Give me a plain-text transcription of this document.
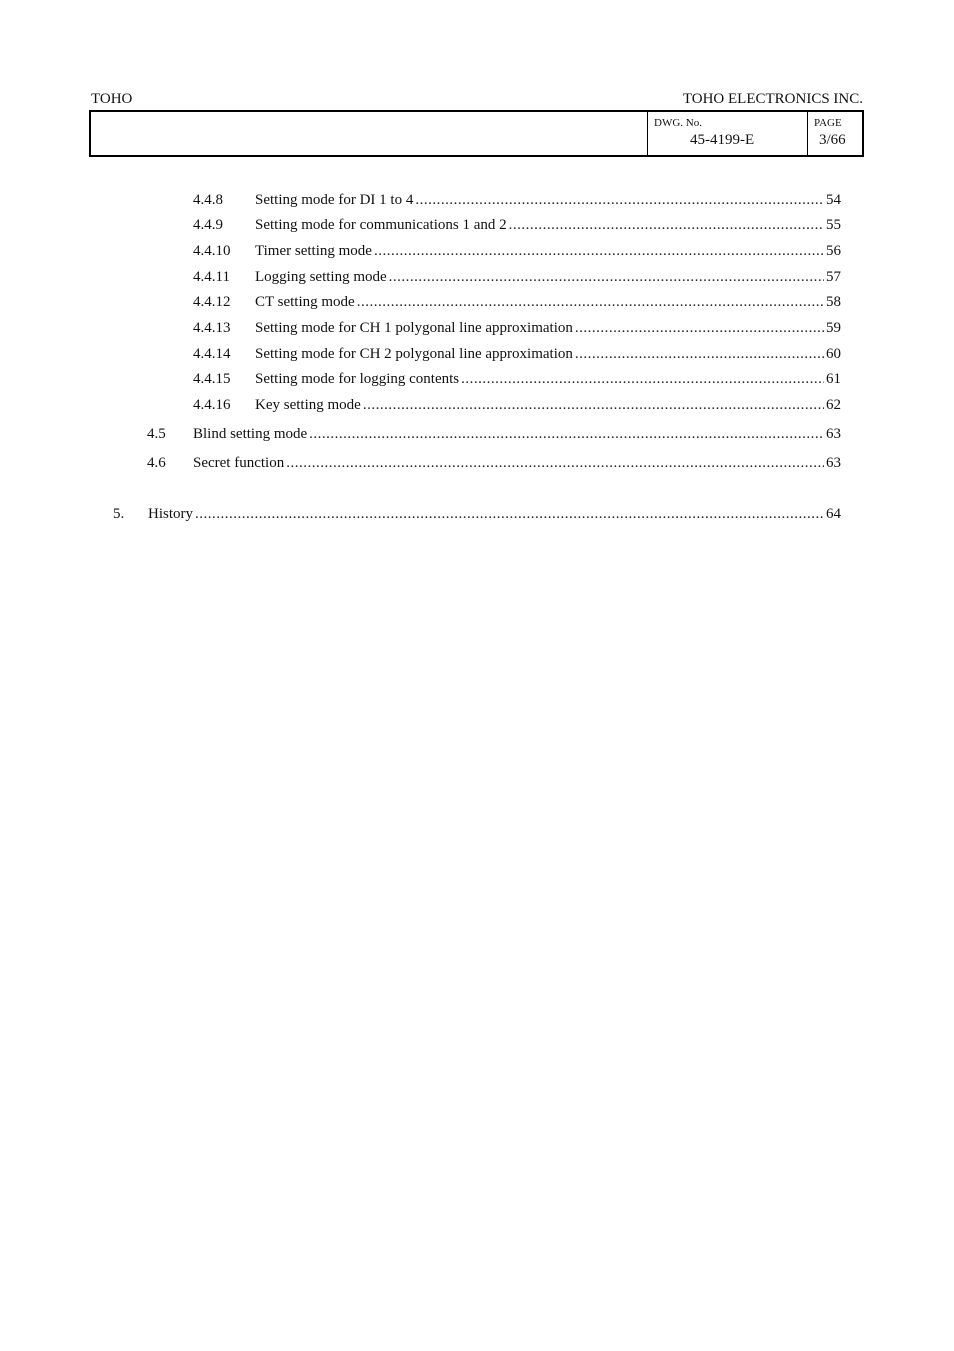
TOHO	TOHO ELECTRONICS INC.
DWG. No.
45-4199-E
PAGE
3/66
4.4.8 Setting mode for DI 1 to 4 .....	54
4.4.9 Setting mode for communications 1 and 2 .....	55
4.4.10 Timer setting mode .....	56
4.4.11 Logging setting mode .....	57
4.4.12 CT setting mode .....	58
4.4.13 Setting mode for CH 1 polygonal line approximation .....	59
4.4.14 Setting mode for CH 2 polygonal line approximation .....	60
4.4.15 Setting mode for logging contents .....	61
4.4.16 Key setting mode .....	62
4.5 Blind setting mode .....	63
4.6 Secret function .....	63
5. History .....	64
